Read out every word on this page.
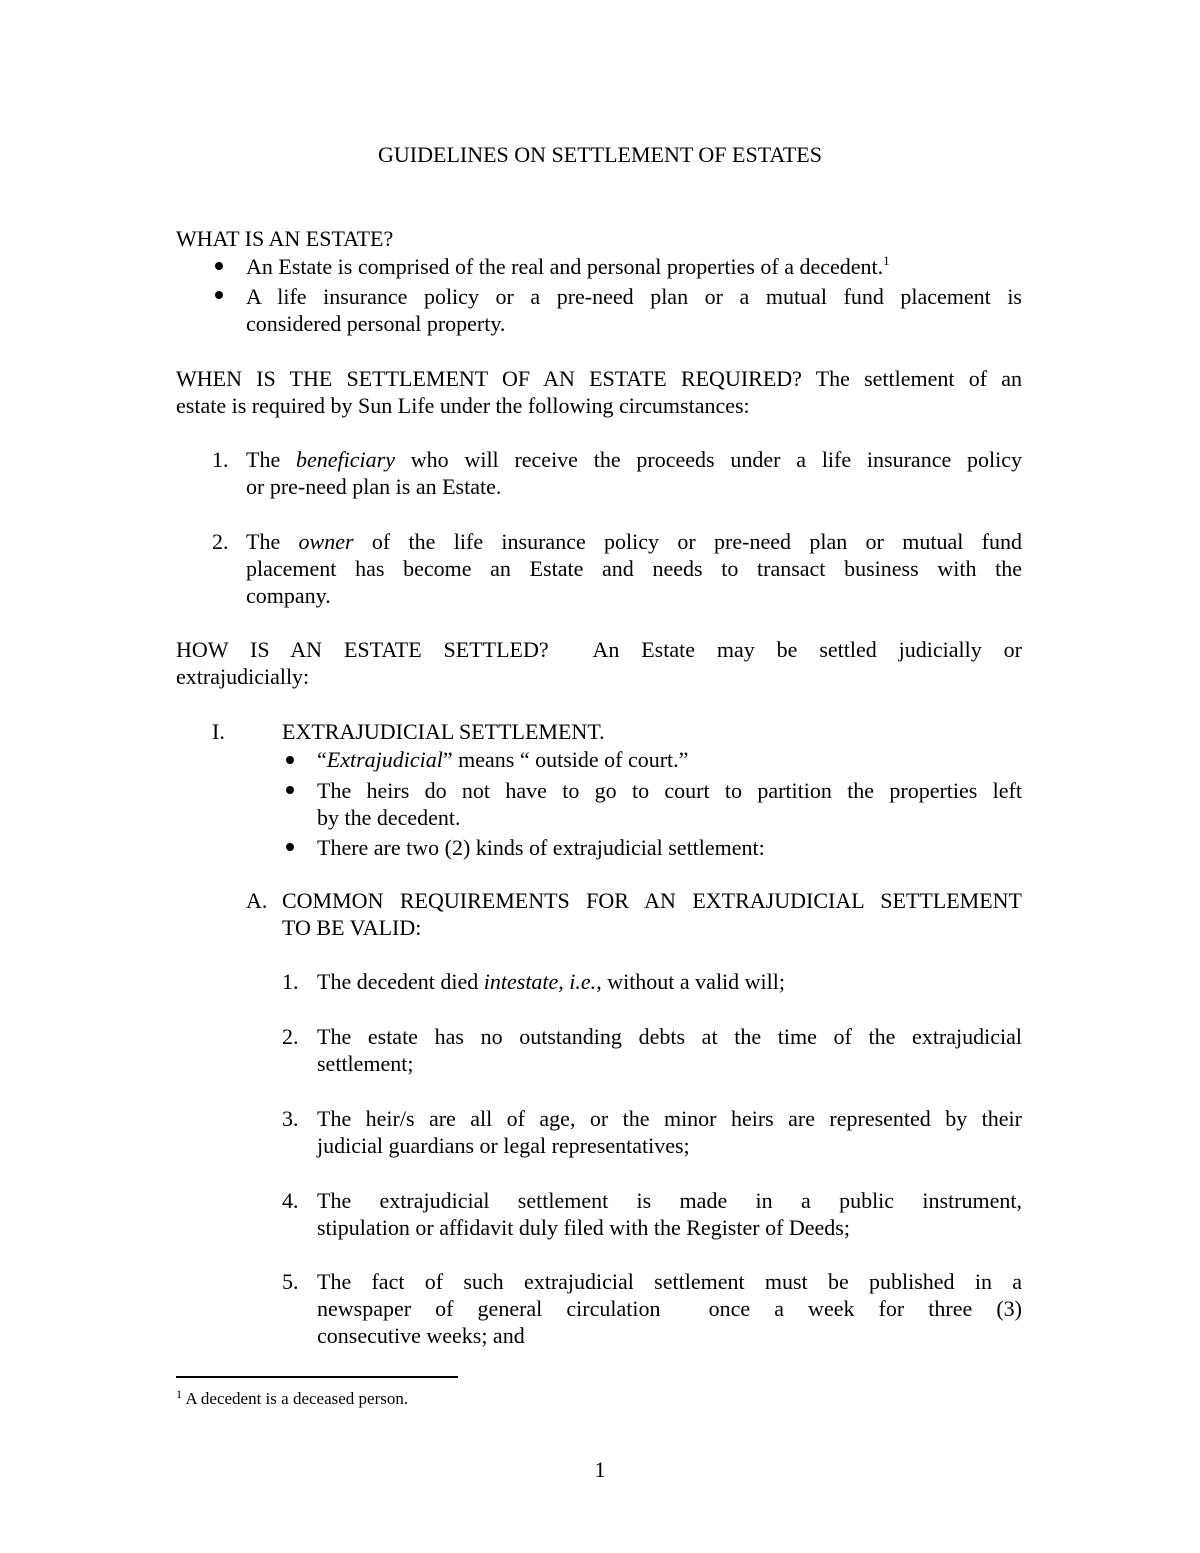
GUIDELINES ON SETTLEMENT OF ESTATES

WHAT IS AN ESTATE?

An Estate is comprised of the real and personal properties of a decedent.$^1$

A life insurance policy or a pre-need plan or a mutual fund placement is
considered personal property.
WHEN IS THE SETTLEMENT OF AN ESTATE REQUIRED? The settlement of an
estate is required by Sun Life under the following circumstances:
1. The beneficiary who will receive the proceeds under a life insurance policy
or pre-need plan is an Estate.
2. The owner of the life insurance policy or pre-need plan or mutual fund
placement has become an Estate and needs to transact business with the
company.
HOW IS AN ESTATE SETTLED? An Estate may be settled judicially or
extrajudicially:
I.	EXTRAJUDICIAL SETTLEMENT.

“Extrajudicial” means “ outside of court.”

The heirs do not have to go to court to partition the properties left
by the decedent.

There are two (2) kinds of extrajudicial settlement:

A. COMMON REQUIREMENTS FOR AN EXTRAJUDICIAL SETTLEMENT
TO BE VALID:
1. The decedent died intestate, i.e., without a valid will;

2. The estate has no outstanding debts at the time of the extrajudicial
settlement;
3. The heir/s are all of age, or the minor heirs are represented by their
judicial guardians or legal representatives;
4. The extrajudicial settlement is made in a public instrument,
stipulation or affidavit duly filed with the Register of Deeds;
5. The fact of such extrajudicial settlement must be published in a
newspaper of general circulation  once a week for three (3)
consecutive weeks; and

$^1$ A decedent is a deceased person.

1
